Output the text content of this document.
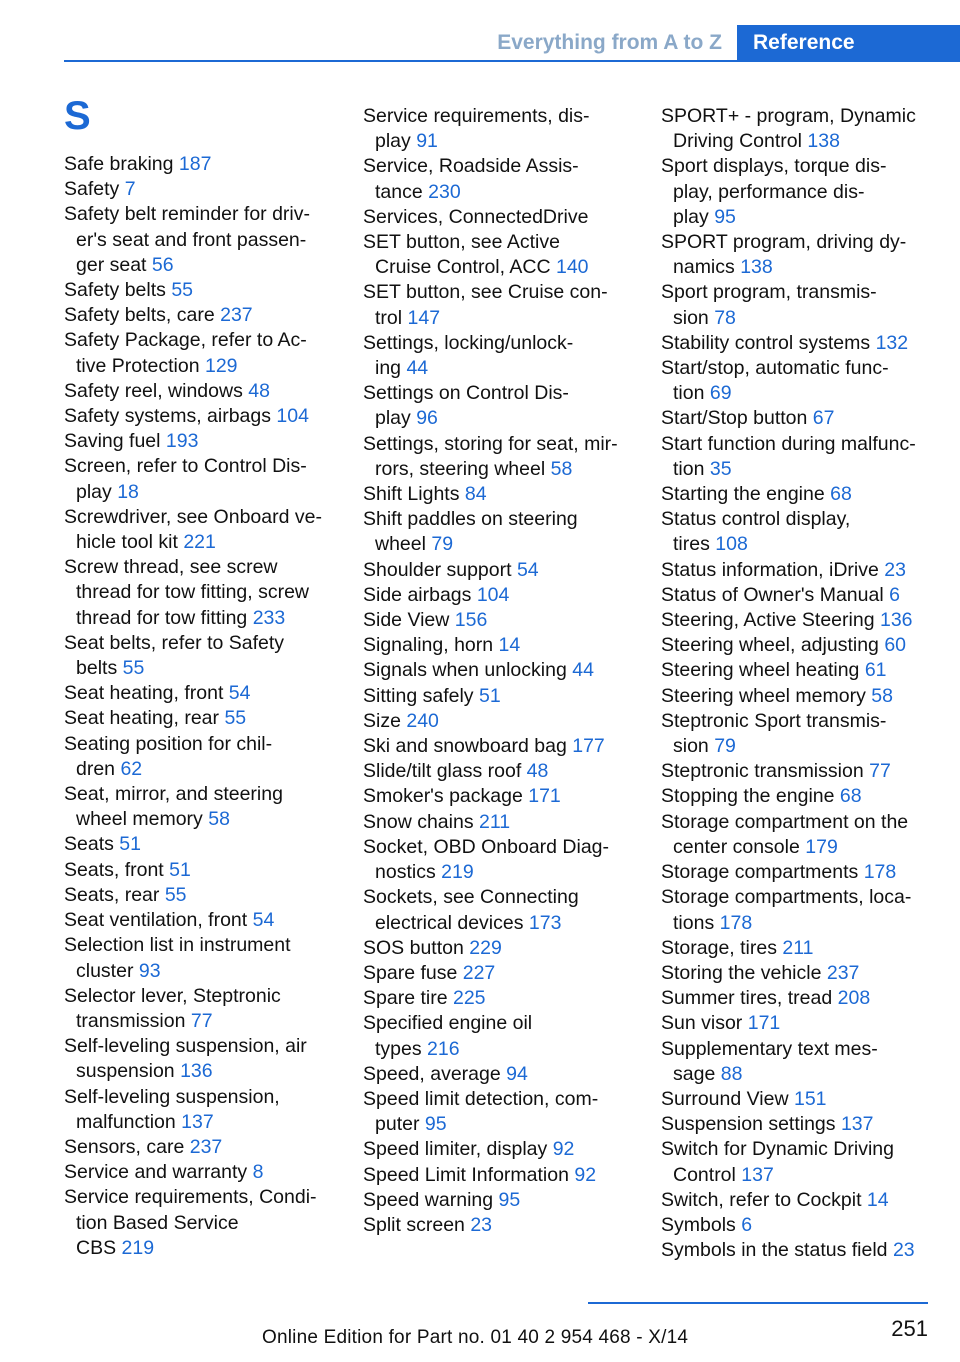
Everything from A to Z	Reference
S
Safe braking 187
Safety 7
Safety belt reminder for driv-
er's seat and front passen-
ger seat 56
Safety belts 55
Safety belts, care 237
Safety Package, refer to Ac-
tive Protection 129
Safety reel, windows 48
Safety systems, airbags 104
Saving fuel 193
Screen, refer to Control Dis-
play 18
Screwdriver, see Onboard ve-
hicle tool kit 221
Screw thread, see screw
thread for tow fitting, screw
thread for tow fitting 233
Seat belts, refer to Safety
belts 55
Seat heating, front 54
Seat heating, rear 55
Seating position for chil-
dren 62
Seat, mirror, and steering
wheel memory 58
Seats 51
Seats, front 51
Seats, rear 55
Seat ventilation, front 54
Selection list in instrument
cluster 93
Selector lever, Steptronic
transmission 77
Self-leveling suspension, air
suspension 136
Self-leveling suspension,
malfunction 137
Sensors, care 237
Service and warranty 8
Service requirements, Condi-
tion Based Service
CBS 219
Service requirements, dis-
play 91
Service, Roadside Assis-
tance 230
Services, ConnectedDrive
SET button, see Active
Cruise Control, ACC 140
SET button, see Cruise con-
trol 147
Settings, locking/unlock-
ing 44
Settings on Control Dis-
play 96
Settings, storing for seat, mir-
rors, steering wheel 58
Shift Lights 84
Shift paddles on steering
wheel 79
Shoulder support 54
Side airbags 104
Side View 156
Signaling, horn 14
Signals when unlocking 44
Sitting safely 51
Size 240
Ski and snowboard bag 177
Slide/tilt glass roof 48
Smoker's package 171
Snow chains 211
Socket, OBD Onboard Diag-
nostics 219
Sockets, see Connecting
electrical devices 173
SOS button 229
Spare fuse 227
Spare tire 225
Specified engine oil
types 216
Speed, average 94
Speed limit detection, com-
puter 95
Speed limiter, display 92
Speed Limit Information 92
Speed warning 95
Split screen 23
SPORT+ - program, Dynamic
Driving Control 138
Sport displays, torque dis-
play, performance dis-
play 95
SPORT program, driving dy-
namics 138
Sport program, transmis-
sion 78
Stability control systems 132
Start/stop, automatic func-
tion 69
Start/Stop button 67
Start function during malfunc-
tion 35
Starting the engine 68
Status control display,
tires 108
Status information, iDrive 23
Status of Owner's Manual 6
Steering, Active Steering 136
Steering wheel, adjusting 60
Steering wheel heating 61
Steering wheel memory 58
Steptronic Sport transmis-
sion 79
Steptronic transmission 77
Stopping the engine 68
Storage compartment on the
center console 179
Storage compartments 178
Storage compartments, loca-
tions 178
Storage, tires 211
Storing the vehicle 237
Summer tires, tread 208
Sun visor 171
Supplementary text mes-
sage 88
Surround View 151
Suspension settings 137
Switch for Dynamic Driving
Control 137
Switch, refer to Cockpit 14
Symbols 6
Symbols in the status field 23
251
Online Edition for Part no. 01 40 2 954 468 - X/14
